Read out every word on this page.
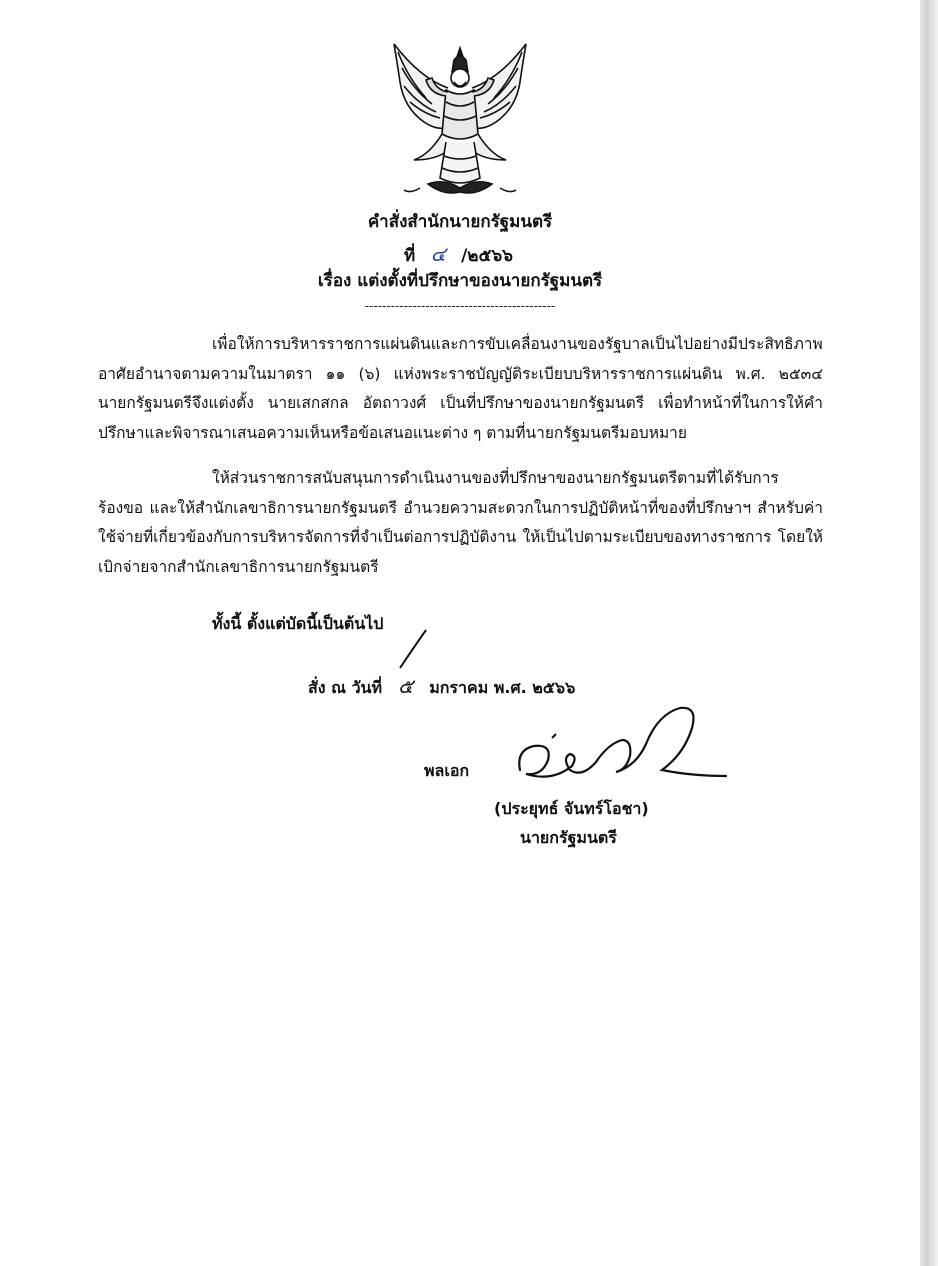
คำสั่งสำนักนายกรัฐมนตรี
ที่ ๔ /๒๕๖๖
เรื่อง แต่งตั้งที่ปรึกษาของนายกรัฐมนตรี
--------------------------------------------
เพื่อให้การบริหารราชการแผ่นดินและการขับเคลื่อนงานของรัฐบาลเป็นไปอย่างมีประสิทธิภาพ อาศัยอำนาจตามความในมาตรา ๑๑ (๖) แห่งพระราชบัญญัติระเบียบบริหารราชการแผ่นดิน พ.ศ. ๒๕๓๔ นายกรัฐมนตรีจึงแต่งตั้ง นายเสกสกล อัตถาวงศ์ เป็นที่ปรึกษาของนายกรัฐมนตรี เพื่อทำหน้าที่ในการให้คำปรึกษาและพิจารณาเสนอความเห็นหรือข้อเสนอแนะต่าง ๆ ตามที่นายกรัฐมนตรีมอบหมาย
ให้ส่วนราชการสนับสนุนการดำเนินงานของที่ปรึกษาของนายกรัฐมนตรีตามที่ได้รับการร้องขอ และให้สำนักเลขาธิการนายกรัฐมนตรี อำนวยความสะดวกในการปฏิบัติหน้าที่ของที่ปรึกษาฯ สำหรับค่าใช้จ่ายที่เกี่ยวข้องกับการบริหารจัดการที่จำเป็นต่อการปฏิบัติงาน ให้เป็นไปตามระเบียบของทางราชการ โดยให้เบิกจ่ายจากสำนักเลขาธิการนายกรัฐมนตรี
ทั้งนี้ ตั้งแต่บัดนี้เป็นต้นไป
สั่ง ณ วันที่ ๕ มกราคม พ.ศ. ๒๕๖๖
พลเอก
(ประยุทธ์ จันทร์โอชา)
นายกรัฐมนตรี
